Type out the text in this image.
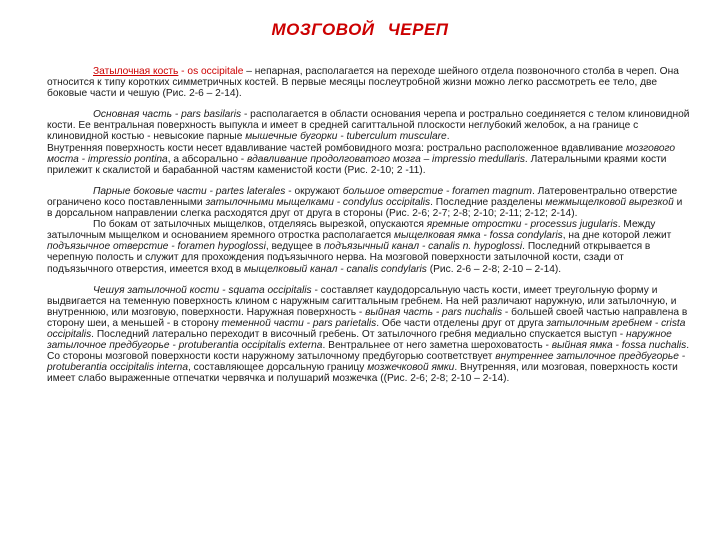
МОЗГОВОЙ ЧЕРЕП

Затылочная кость - os occipitale – непарная, располагается на переходе шейного отдела позвоночного столба в череп. Она относится к типу коротких симметричных костей. В первые месяцы послеутробной жизни можно легко рассмотреть ее тело, две боковые части и чешую (Рис. 2-6 – 2-14).

Основная часть - pars basilaris - располагается в области основания черепа и рострально соединяется с телом клиновидной кости. Ее вентральная поверхность выпукла и имеет в средней сагиттальной плоскости неглубокий желобок, а на границе с клиновидной костью - невысокие парные мышечные бугорки - tuberculum musculare.

Внутренняя поверхность кости несет вдавливание частей ромбовидного мозга: рострально расположенное вдавливание мозгового моста - impressio pontina, а абсорально - вдавливание продолговатого мозга – impressio medullaris. Латеральными краями кости прилежит к скалистой и барабанной частям каменистой кости (Рис. 2-10; 2 -11).

Парные боковые части - partes laterales - окружают большое отверстие - foramen magnum. Латеровентрально отверстие ограничено косо поставленными затылочными мыщелками - condylus occipitalis. Последние разделены межмыщелковой вырезкой и в дорсальном направлении слегка расходятся друг от друга в стороны (Рис. 2-6; 2-7; 2-8; 2-10; 2-11; 2-12; 2-14).

По бокам от затылочных мыщелков, отделяясь вырезкой, опускаются яремные отростки - processus jugularis. Между затылочным мыщелком и основанием яремного отростка располагается мыщелковая ямка - fossa condylaris, на дне которой лежит подъязычное отверстие - foramen hypoglossi, ведущее в подъязычный канал - canalis n. hypoglossi. Последний открывается в черепную полость и служит для прохождения подъязычного нерва. На мозговой поверхности затылочной кости, сзади от подъязычного отверстия, имеется вход в мыщелковый канал - canalis condylaris (Рис. 2-6 – 2-8; 2-10 – 2-14).

Чешуя затылочной кости - squama occipitalis - составляет каудодорсальную часть кости, имеет треугольную форму и выдвигается на теменную поверхность клином с наружным сагиттальным гребнем. На ней различают наружную, или затылочную, и внутреннюю, или мозговую, поверхности. Наружная поверхность - выйная часть - pars nuchalis - большей своей частью направлена в сторону шеи, а меньшей - в сторону теменной части - pars parietalis. Обе части отделены друг от друга затылочным гребнем - crista occipitalis. Последний латерально переходит в височный гребень. От затылочного гребня медиально спускается выступ - наружное затылочное предбугорье - protuberantia occipitalis externa. Вентральнее от него заметна шероховатость - выйная ямка - fossa nuchalis. Со стороны мозговой поверхности кости наружному затылочному предбугорью соответствует внутреннее затылочное предбугорье - protuberantia occipitalis interna, составляющее дорсальную границу мозжечковой ямки. Внутренняя, или мозговая, поверхность кости имеет слабо выраженные отпечатки червячка и полушарий мозжечка ((Рис. 2-6; 2-8; 2-10 – 2-14).
